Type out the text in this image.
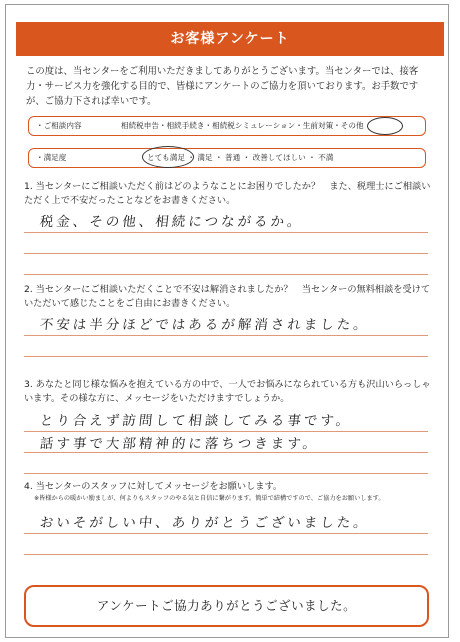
お客様アンケート
この度は、当センターをご利用いただきましてありがとうございます。当センターでは、接客力・サービス力を強化する目的で、皆様にアンケートのご協力を頂いております。お手数ですが、ご協力下されば幸いです。
・ご相談内容	相続税申告・相続手続き・相続税シミュレーション・生前対策・その他
・満足度	とても満足 ・ 満足 ・ 普通 ・ 改善してほしい ・ 不満
1. 当センターにご相談いただく前はどのようなことにお困りでしたか？　また、税理士にご相談いただく上で不安だったことなどをお書きください。
税金、その他、相続につながるか。
2. 当センターにご相談いただくことで不安は解消されましたか？　当センターの無料相談を受けていただいて感じたことをご自由にお書きください。
不安は半分ほどではあるが解消されました。
3. あなたと同じ様な悩みを抱えている方の中で、一人でお悩みになられている方も沢山いらっしゃいます。その様な方に、メッセージをいただけますでしょうか。
とり合えず訪問して相談してみる事です。
話す事で大部精神的に落ちつきます。
4. 当センターのスタッフに対してメッセージをお願いします。
※皆様からの暖かい励ましが、何よりもスタッフのやる気と自信に繋がります。簡単で結構ですので、ご協力をお願いします。
おいそがしい中、ありがとうございました。
アンケートご協力ありがとうございました。
